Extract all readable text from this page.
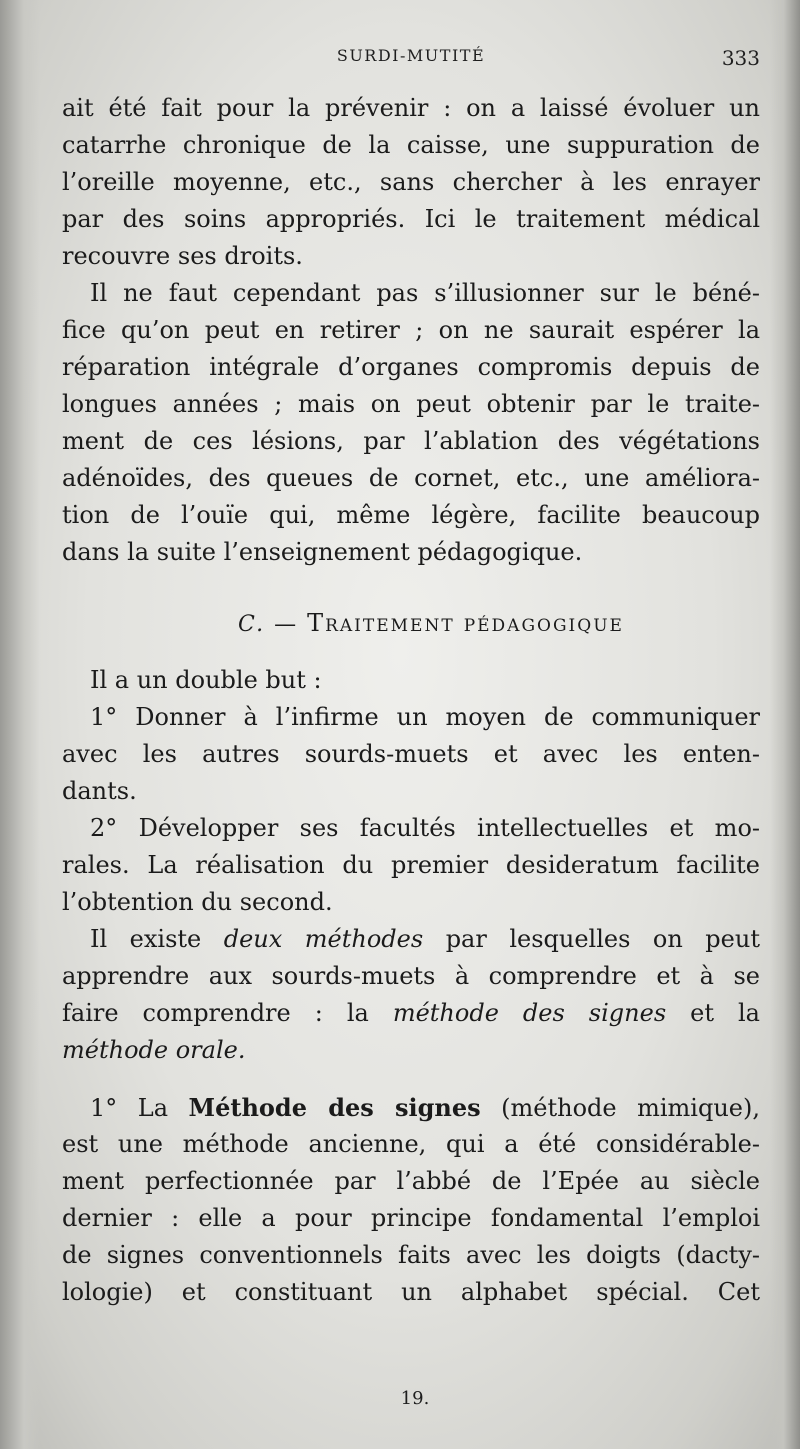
SURDI-MUTITÉ	333
ait été fait pour la prévenir : on a laissé évoluer un
catarrhe chronique de la caisse, une suppuration de
l’oreille moyenne, etc., sans chercher à les enrayer
par des soins appropriés. Ici le traitement médical
recouvre ses droits.
Il ne faut cependant pas s’illusionner sur le béné-
fice qu’on peut en retirer ; on ne saurait espérer la
réparation intégrale d’organes compromis depuis de
longues années ; mais on peut obtenir par le traite-
ment de ces lésions, par l’ablation des végétations
adénoïdes, des queues de cornet, etc., une améliora-
tion de l’ouïe qui, même légère, facilite beaucoup
dans la suite l’enseignement pédagogique.
C. — TRAITEMENT PÉDAGOGIQUE
Il a un double but :
1° Donner à l’infirme un moyen de communiquer
avec les autres sourds-muets et avec les enten-
dants.
2° Développer ses facultés intellectuelles et mo-
rales. La réalisation du premier desideratum facilite
l’obtention du second.
Il existe deux méthodes par lesquelles on peut
apprendre aux sourds-muets à comprendre et à se
faire comprendre : la méthode des signes et la
méthode orale.
1° La Méthode des signes (méthode mimique),
est une méthode ancienne, qui a été considérable-
ment perfectionnée par l’abbé de l’Epée au siècle
dernier : elle a pour principe fondamental l’emploi
de signes conventionnels faits avec les doigts (dacty-
lologie) et constituant un alphabet spécial. Cet
19.
